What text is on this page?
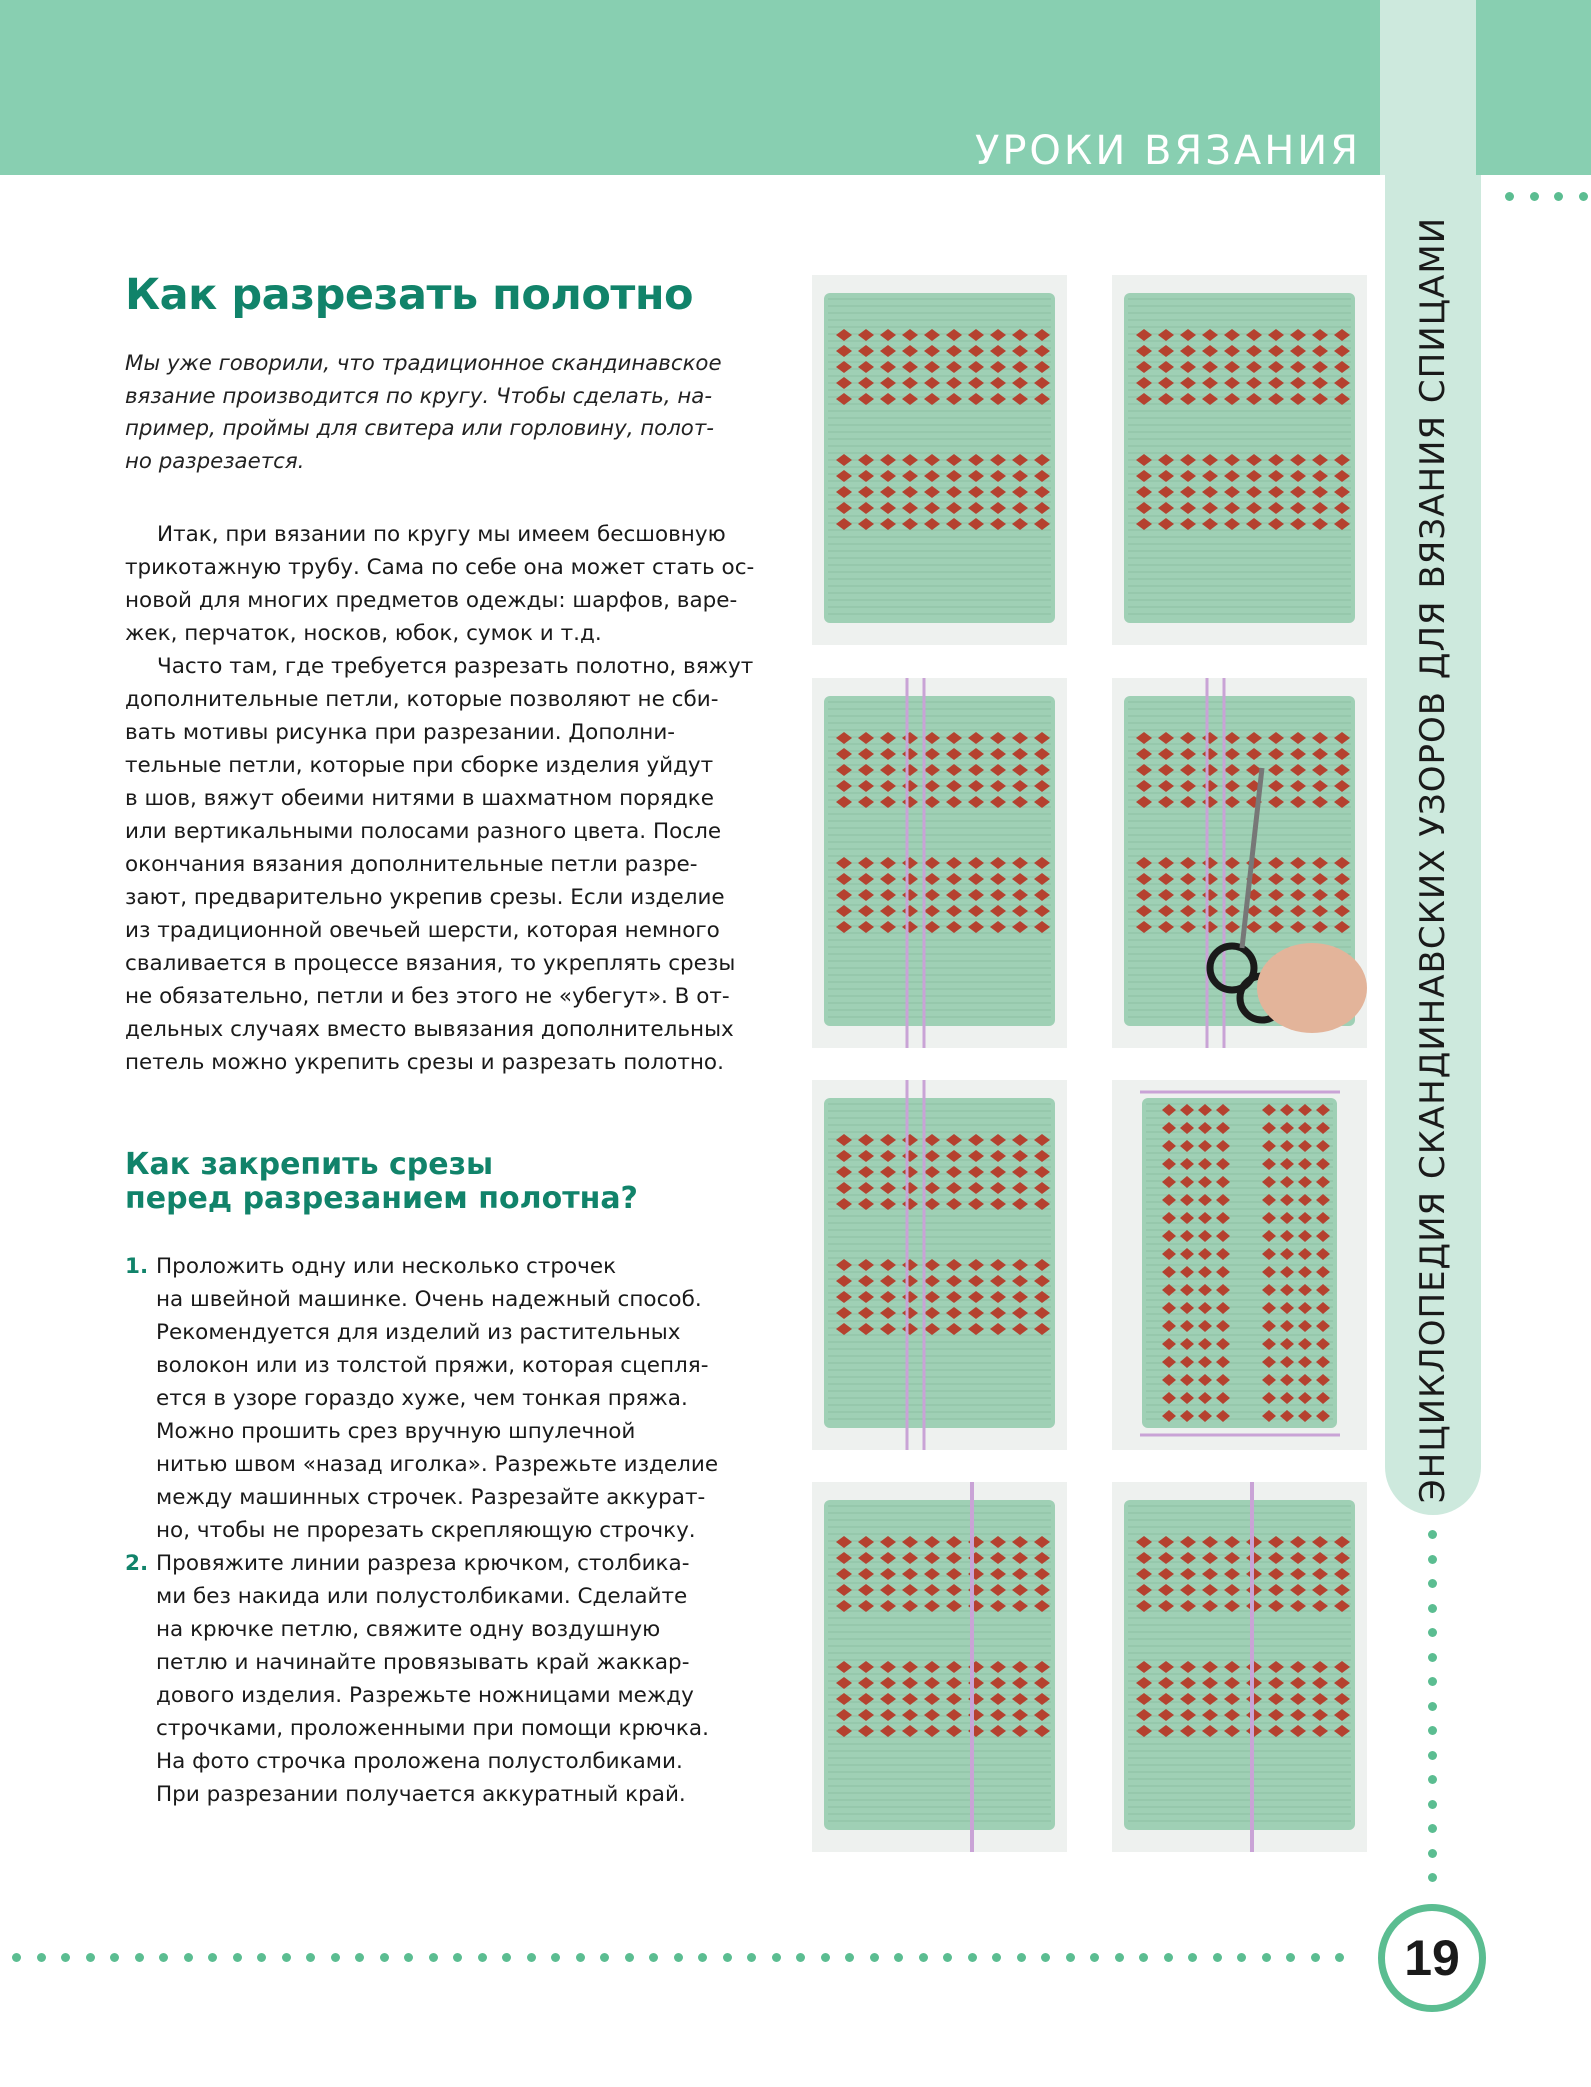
УРОКИ ВЯЗАНИЯ
ЭНЦИКЛОПЕДИЯ СКАНДИНАВСКИХ УЗОРОВ ДЛЯ ВЯЗАНИЯ СПИЦАМИ
19
Как разрезать полотно
Мы уже говорили, что традиционное скандинавское
вязание производится по кругу. Чтобы сделать, на-
пример, проймы для свитера или горловину, полот-
но разрезается.
Итак, при вязании по кругу мы имеем бесшовную
трикотажную трубу. Сама по себе она может стать ос-
новой для многих предметов одежды: шарфов, варе-
жек, перчаток, носков, юбок, сумок и т.д.
Часто там, где требуется разрезать полотно, вяжут
дополнительные петли, которые позволяют не сби-
вать мотивы рисунка при разрезании. Дополни-
тельные петли, которые при сборке изделия уйдут
в шов, вяжут обеими нитями в шахматном порядке
или вертикальными полосами разного цвета. После
окончания вязания дополнительные петли разре-
зают, предварительно укрепив срезы. Если изделие
из традиционной овечьей шерсти, которая немного
сваливается в процессе вязания, то укреплять срезы
не обязательно, петли и без этого не «убегут». В от-
дельных случаях вместо вывязания дополнительных
петель можно укрепить срезы и разрезать полотно.
Как закрепить срезы
перед разрезанием полотна?
1. Проложить одну или несколько строчек
на швейной машинке. Очень надежный способ.
Рекомендуется для изделий из растительных
волокон или из толстой пряжи, которая сцепля-
ется в узоре гораздо хуже, чем тонкая пряжа.
Можно прошить срез вручную шпулечной
нитью швом «назад иголка». Разрежьте изделие
между машинных строчек. Разрезайте аккурат-
но, чтобы не прорезать скрепляющую строчку.
2. Провяжите линии разреза крючком, столбика-
ми без накида или полустолбиками. Сделайте
на крючке петлю, свяжите одну воздушную
петлю и начинайте провязывать край жаккар-
дового изделия. Разрежьте ножницами между
строчками, проложенными при помощи крючка.
На фото строчка проложена полустолбиками.
При разрезании получается аккуратный край.
